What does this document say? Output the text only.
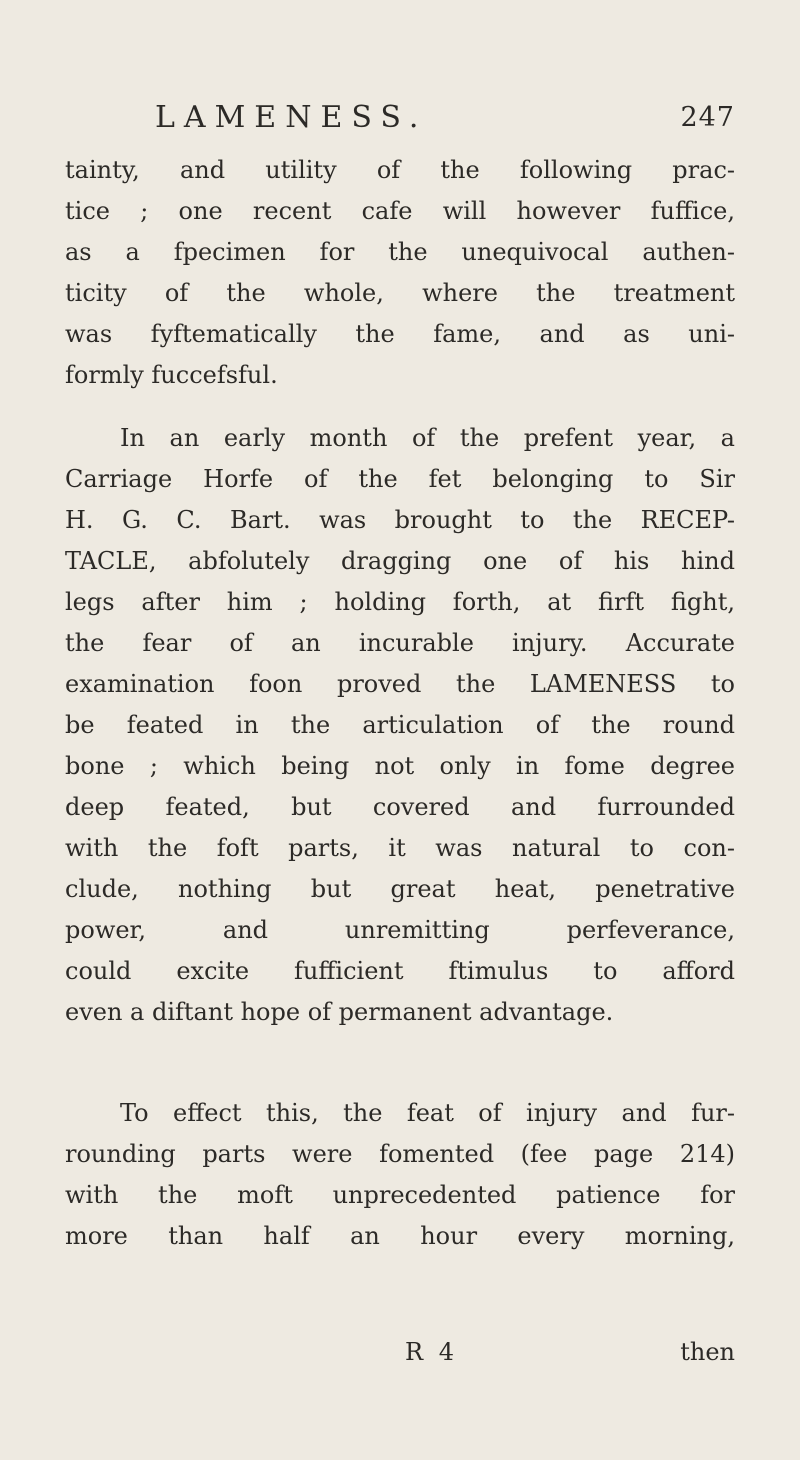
LAMENESS.	247
tainty, and utility of the following prac-
tice ; one recent cafe will however fuffice,
as a fpecimen for the unequivocal authen-
ticity of the whole, where the treatment
was fyftematically the fame, and as uni-
formly fuccefsful.
In an early month of the prefent year, a
Carriage Horfe of the fet belonging to Sir
H. G. C. Bart. was brought to the RECEP-
TACLE, abfolutely dragging one of his hind
legs after him ; holding forth, at firft fight,
the fear of an incurable injury. Accurate
examination foon proved the LAMENESS to
be feated in the articulation of the round
bone ; which being not only in fome degree
deep feated, but covered and furrounded
with the foft parts, it was natural to con-
clude, nothing but great heat, penetrative
power, and unremitting perfeverance,
could excite fufficient ftimulus to afford
even a diftant hope of permanent advantage.
To effect this, the feat of injury and fur-
rounding parts were fomented (fee page 214)
with the moft unprecedented patience for
more than half an hour every morning,
R 4	then
